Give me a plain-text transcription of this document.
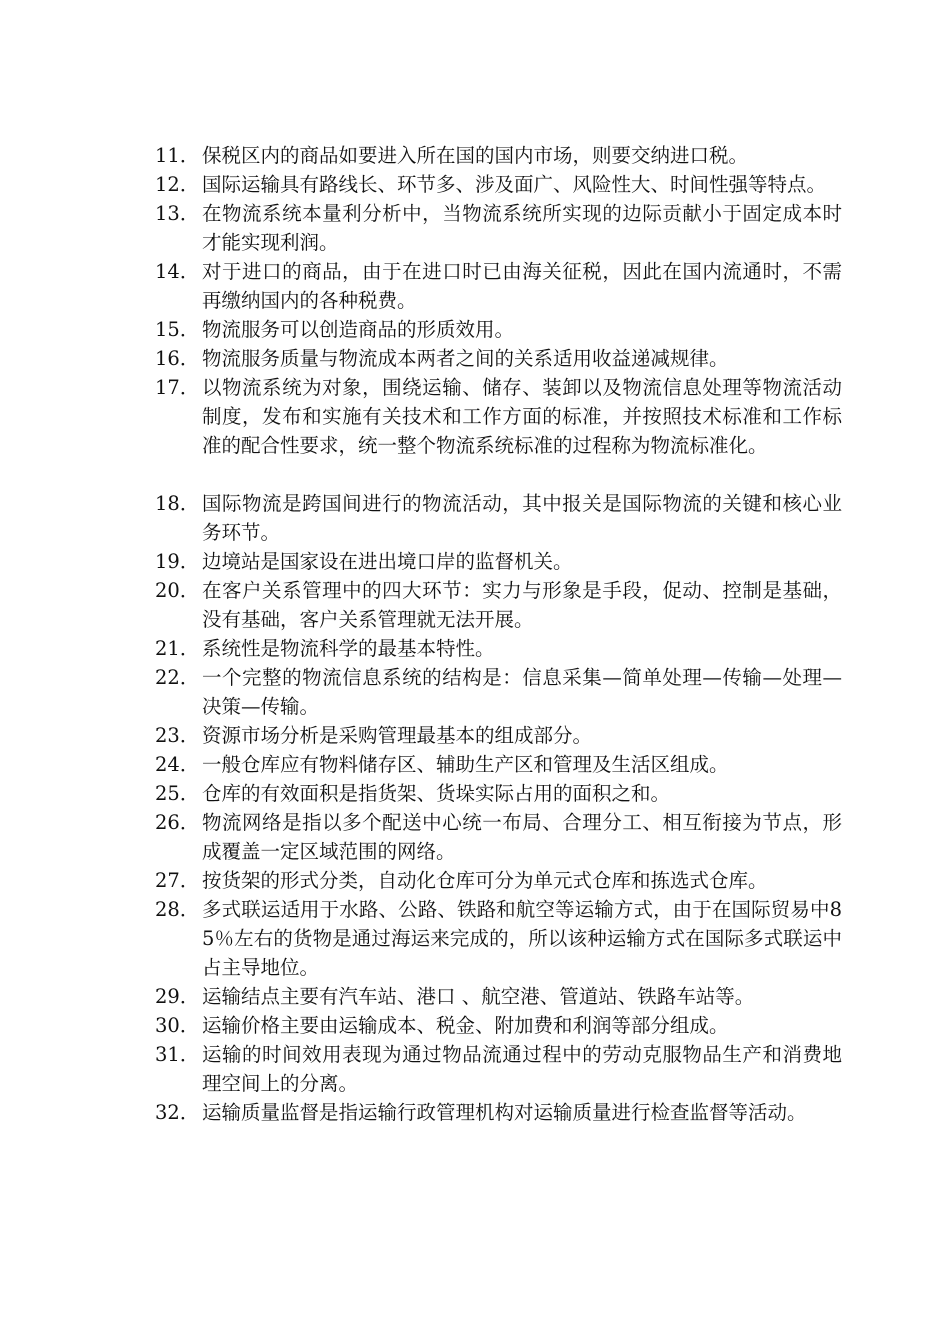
11． 保税区内的商品如要进入所在国的国内市场，则要交纳进口税。
12． 国际运输具有路线长、环节多、涉及面广、风险性大、时间性强等特点。
13． 在物流系统本量利分析中，当物流系统所实现的边际贡献小于固定成本时才能实现利润。
14． 对于进口的商品，由于在进口时已由海关征税，因此在国内流通时，不需再缴纳国内的各种税费。
15． 物流服务可以创造商品的形质效用。
16． 物流服务质量与物流成本两者之间的关系适用收益递减规律。
17． 以物流系统为对象，围绕运输、储存、装卸以及物流信息处理等物流活动制度，发布和实施有关技术和工作方面的标准，并按照技术标准和工作标准的配合性要求，统一整个物流系统标准的过程称为物流标准化。
18． 国际物流是跨国间进行的物流活动，其中报关是国际物流的关键和核心业务环节。
19． 边境站是国家设在进出境口岸的监督机关。
20． 在客户关系管理中的四大环节：实力与形象是手段，促动、控制是基础，没有基础，客户关系管理就无法开展。
21． 系统性是物流科学的最基本特性。
22． 一个完整的物流信息系统的结构是：信息采集—简单处理—传输—处理—决策—传输。
23． 资源市场分析是采购管理最基本的组成部分。
24． 一般仓库应有物料储存区、辅助生产区和管理及生活区组成。
25． 仓库的有效面积是指货架、货垛实际占用的面积之和。
26． 物流网络是指以多个配送中心统一布局、合理分工、相互衔接为节点，形成覆盖一定区域范围的网络。
27． 按货架的形式分类，自动化仓库可分为单元式仓库和拣选式仓库。
28． 多式联运适用于水路、公路、铁路和航空等运输方式，由于在国际贸易中85％左右的货物是通过海运来完成的，所以该种运输方式在国际多式联运中占主导地位。
29． 运输结点主要有汽车站、港口 、航空港、管道站、铁路车站等。
30． 运输价格主要由运输成本、税金、附加费和利润等部分组成。
31． 运输的时间效用表现为通过物品流通过程中的劳动克服物品生产和消费地理空间上的分离。
32． 运输质量监督是指运输行政管理机构对运输质量进行检查监督等活动。
